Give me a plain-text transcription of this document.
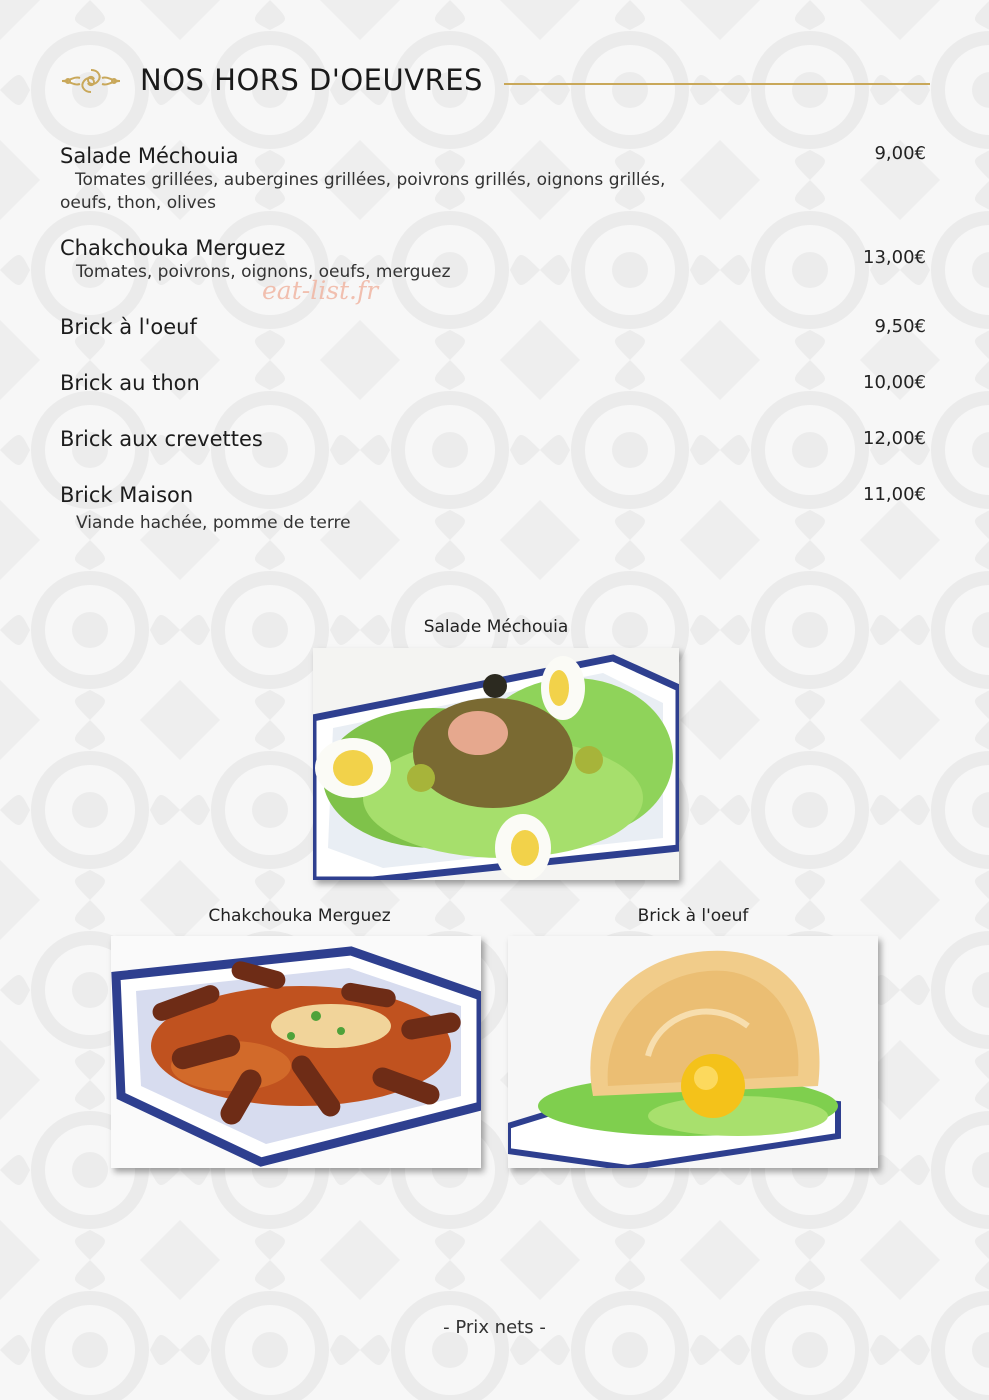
NOS HORS D'OEUVRES
Salade Méchouia
Tomates grillées, aubergines grillées, poivrons grillés, oignons grillés, oeufs, thon, olives
9,00€
Chakchouka Merguez
Tomates, poivrons, oignons, oeufs, merguez
13,00€
Brick à l'oeuf	9,50€
Brick au thon	10,00€
Brick aux crevettes	12,00€
Brick Maison
Viande hachée, pomme de terre
11,00€
eat-list.fr
Salade Méchouia
Chakchouka Merguez	Brick à l'oeuf
- Prix nets -
